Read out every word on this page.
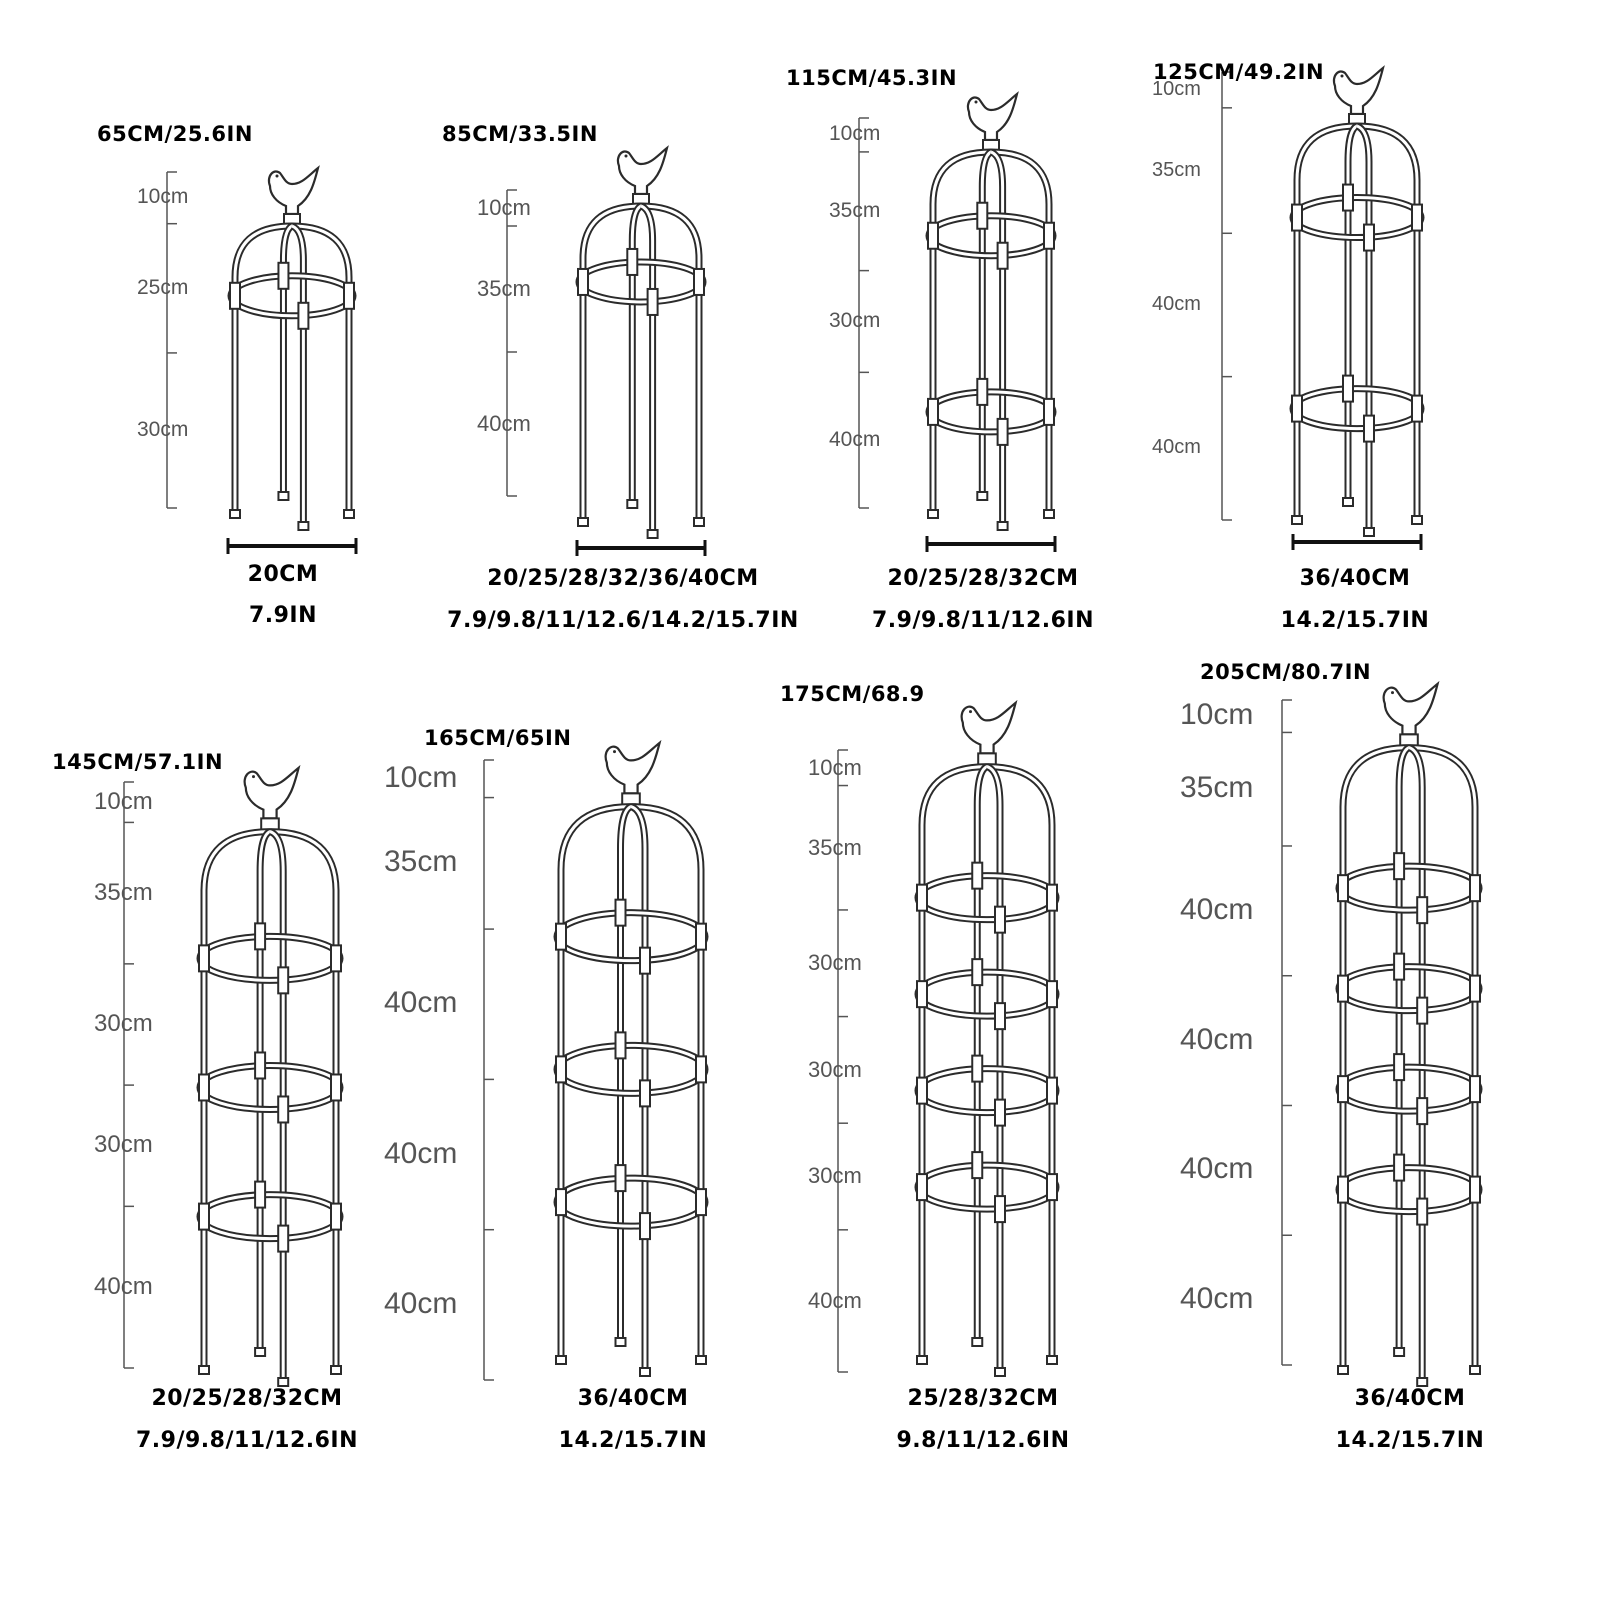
10cm
25cm
30cm
65CM/25.6IN
20CM
7.9IN
10cm
35cm
40cm
85CM/33.5IN
20/25/28/32/36/40CM
7.9/9.8/11/12.6/14.2/15.7IN
10cm
35cm
30cm
40cm
115CM/45.3IN
20/25/28/32CM
7.9/9.8/11/12.6IN
10cm
35cm
40cm
40cm
125CM/49.2IN
36/40CM
14.2/15.7IN
10cm
35cm
30cm
30cm
40cm
145CM/57.1IN
20/25/28/32CM
7.9/9.8/11/12.6IN
10cm
35cm
40cm
40cm
40cm
165CM/65IN
36/40CM
14.2/15.7IN
10cm
35cm
30cm
30cm
30cm
40cm
175CM/68.9
25/28/32CM
9.8/11/12.6IN
10cm
35cm
40cm
40cm
40cm
40cm
205CM/80.7IN
36/40CM
14.2/15.7IN
